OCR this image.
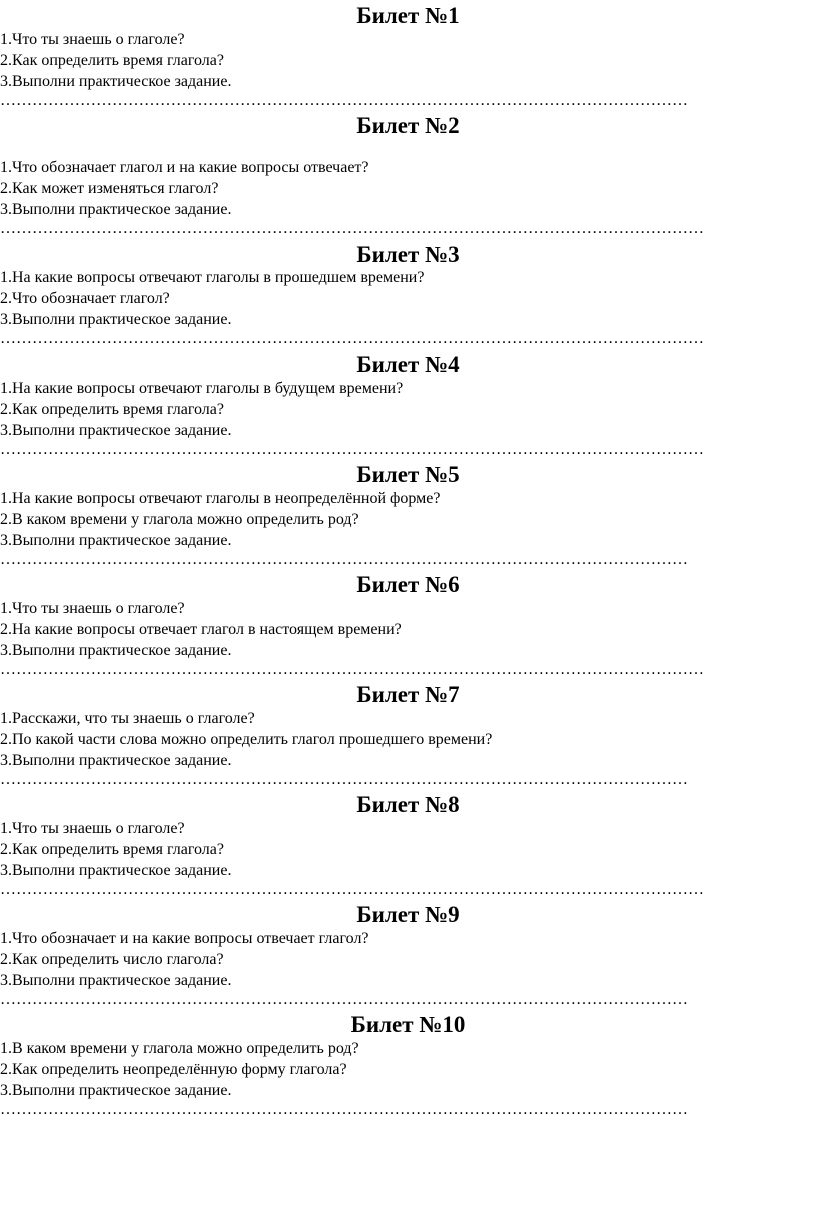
Билет №1
1.Что ты знаешь о глаголе?
2.Как определить время глагола?
3.Выполни практическое задание.
…………………………………………………………………………………………………………………
Билет №2
1.Что обозначает глагол и на какие вопросы отвечает?
2.Как может изменяться глагол?
3.Выполни практическое задание.
……………………………………………………………………………………………………………………
Билет №3
1.На какие вопросы отвечают глаголы в прошедшем времени?
2.Что обозначает глагол?
3.Выполни практическое задание.
……………………………………………………………………………………………………………………
Билет №4
1.На какие вопросы отвечают глаголы в будущем времени?
2.Как определить время глагола?
3.Выполни практическое задание.
……………………………………………………………………………………………………………………
Билет №5
1.На какие вопросы отвечают глаголы в неопределённой форме?
2.В каком времени у глагола можно определить род?
3.Выполни практическое задание.
…………………………………………………………………………………………………………………
Билет №6
1.Что ты знаешь о глаголе?
2.На какие вопросы отвечает глагол в настоящем времени?
3.Выполни практическое задание.
……………………………………………………………………………………………………………………
Билет №7
1.Расскажи, что ты знаешь о глаголе?
2.По какой части слова можно определить глагол прошедшего времени?
3.Выполни практическое задание.
…………………………………………………………………………………………………………………
Билет №8
1.Что ты знаешь о глаголе?
2.Как определить время глагола?
3.Выполни практическое задание.
……………………………………………………………………………………………………………………
Билет №9
1.Что обозначает и на какие вопросы отвечает глагол?
2.Как определить число глагола?
3.Выполни практическое задание.
…………………………………………………………………………………………………………………
Билет №10
1.В каком времени у глагола можно определить род?
2.Как определить неопределённую форму глагола?
3.Выполни практическое задание.
…………………………………………………………………………………………………………………
